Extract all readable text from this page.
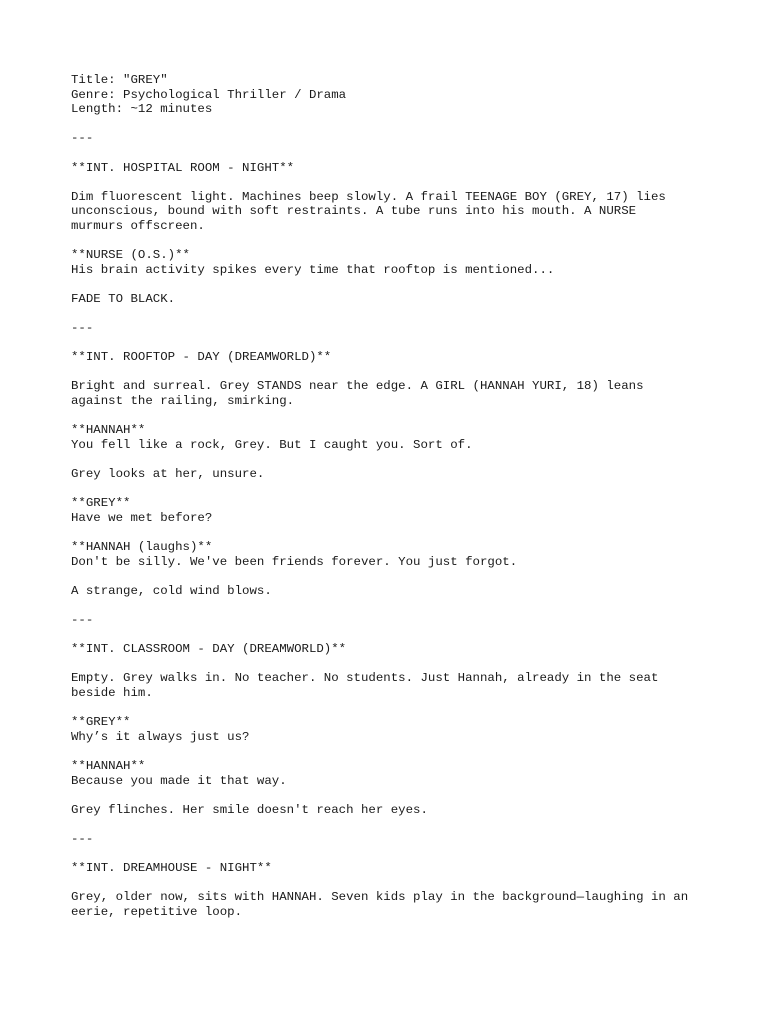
Title: "GREY"
Genre: Psychological Thriller / Drama
Length: ~12 minutes
---
**INT. HOSPITAL ROOM - NIGHT**
Dim fluorescent light. Machines beep slowly. A frail TEENAGE BOY (GREY, 17) lies
unconscious, bound with soft restraints. A tube runs into his mouth. A NURSE
murmurs offscreen.
**NURSE (O.S.)**
His brain activity spikes every time that rooftop is mentioned...
FADE TO BLACK.
---
**INT. ROOFTOP - DAY (DREAMWORLD)**
Bright and surreal. Grey STANDS near the edge. A GIRL (HANNAH YURI, 18) leans
against the railing, smirking.
**HANNAH**
You fell like a rock, Grey. But I caught you. Sort of.
Grey looks at her, unsure.
**GREY**
Have we met before?
**HANNAH (laughs)**
Don't be silly. We've been friends forever. You just forgot.
A strange, cold wind blows.
---
**INT. CLASSROOM - DAY (DREAMWORLD)**
Empty. Grey walks in. No teacher. No students. Just Hannah, already in the seat
beside him.
**GREY**
Why’s it always just us?
**HANNAH**
Because you made it that way.
Grey flinches. Her smile doesn't reach her eyes.
---
**INT. DREAMHOUSE - NIGHT**
Grey, older now, sits with HANNAH. Seven kids play in the background—laughing in an
eerie, repetitive loop.
